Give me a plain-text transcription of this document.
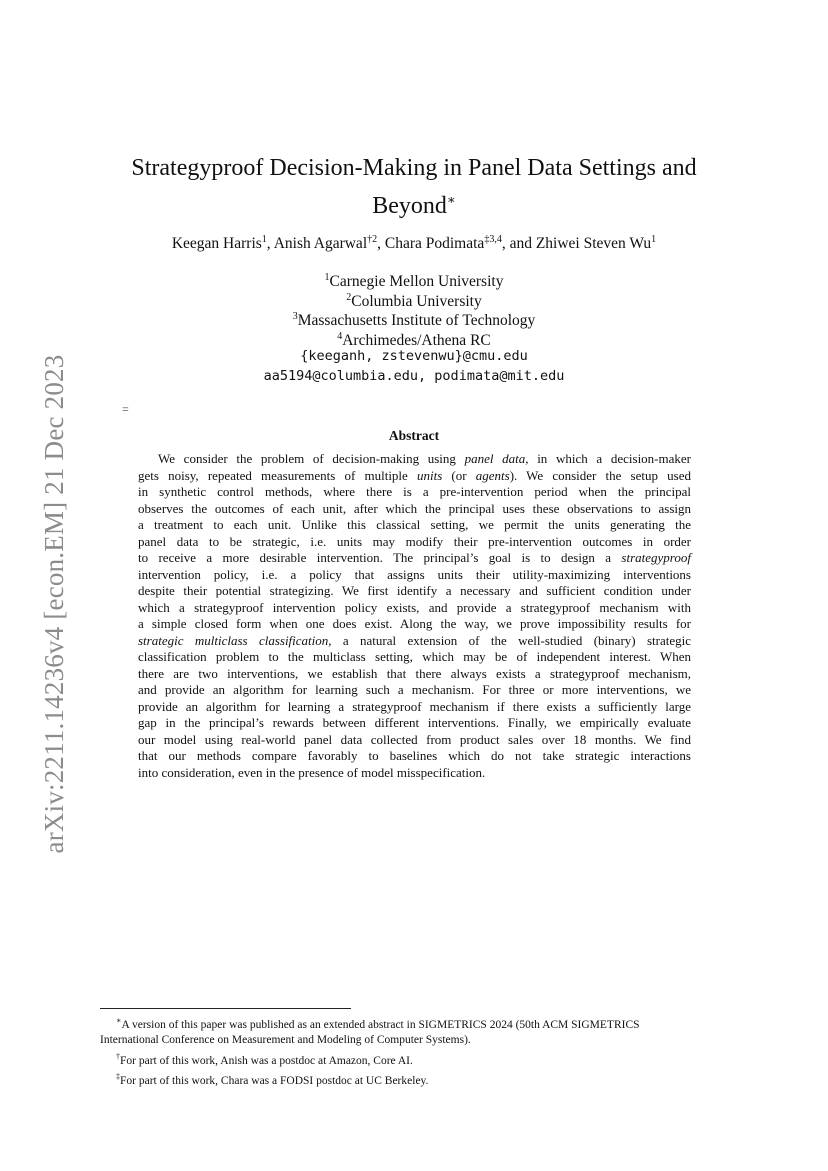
arXiv:2211.14236v4 [econ.EM] 21 Dec 2023
Strategyproof Decision-Making in Panel Data Settings and
Beyond∗
Keegan Harris$^1$, Anish Agarwal$^{\dagger 2}$, Chara Podimata$^{\ddagger 3,4}$, and Zhiwei Steven Wu$^1$
$^1$Carnegie Mellon University
$^2$Columbia University
$^3$Massachusetts Institute of Technology
$^4$Archimedes/Athena RC
{keeganh, zstevenwu}@cmu.edu
aa5194@columbia.edu, podimata@mit.edu
=
Abstract
We consider the problem of decision-making using panel data, in which a decision-maker
gets noisy, repeated measurements of multiple units (or agents). We consider the setup used
in synthetic control methods, where there is a pre-intervention period when the principal
observes the outcomes of each unit, after which the principal uses these observations to assign
a treatment to each unit. Unlike this classical setting, we permit the units generating the
panel data to be strategic, i.e. units may modify their pre-intervention outcomes in order
to receive a more desirable intervention. The principal’s goal is to design a strategyproof
intervention policy, i.e. a policy that assigns units their utility-maximizing interventions
despite their potential strategizing. We first identify a necessary and sufficient condition under
which a strategyproof intervention policy exists, and provide a strategyproof mechanism with
a simple closed form when one does exist. Along the way, we prove impossibility results for
strategic multiclass classification, a natural extension of the well-studied (binary) strategic
classification problem to the multiclass setting, which may be of independent interest. When
there are two interventions, we establish that there always exists a strategyproof mechanism,
and provide an algorithm for learning such a mechanism. For three or more interventions, we
provide an algorithm for learning a strategyproof mechanism if there exists a sufficiently large
gap in the principal’s rewards between different interventions. Finally, we empirically evaluate
our model using real-world panel data collected from product sales over 18 months. We find
that our methods compare favorably to baselines which do not take strategic interactions
into consideration, even in the presence of model misspecification.
∗A version of this paper was published as an extended abstract in SIGMETRICS 2024 (50th ACM SIGMETRICS
International Conference on Measurement and Modeling of Computer Systems).
†For part of this work, Anish was a postdoc at Amazon, Core AI.
‡For part of this work, Chara was a FODSI postdoc at UC Berkeley.
